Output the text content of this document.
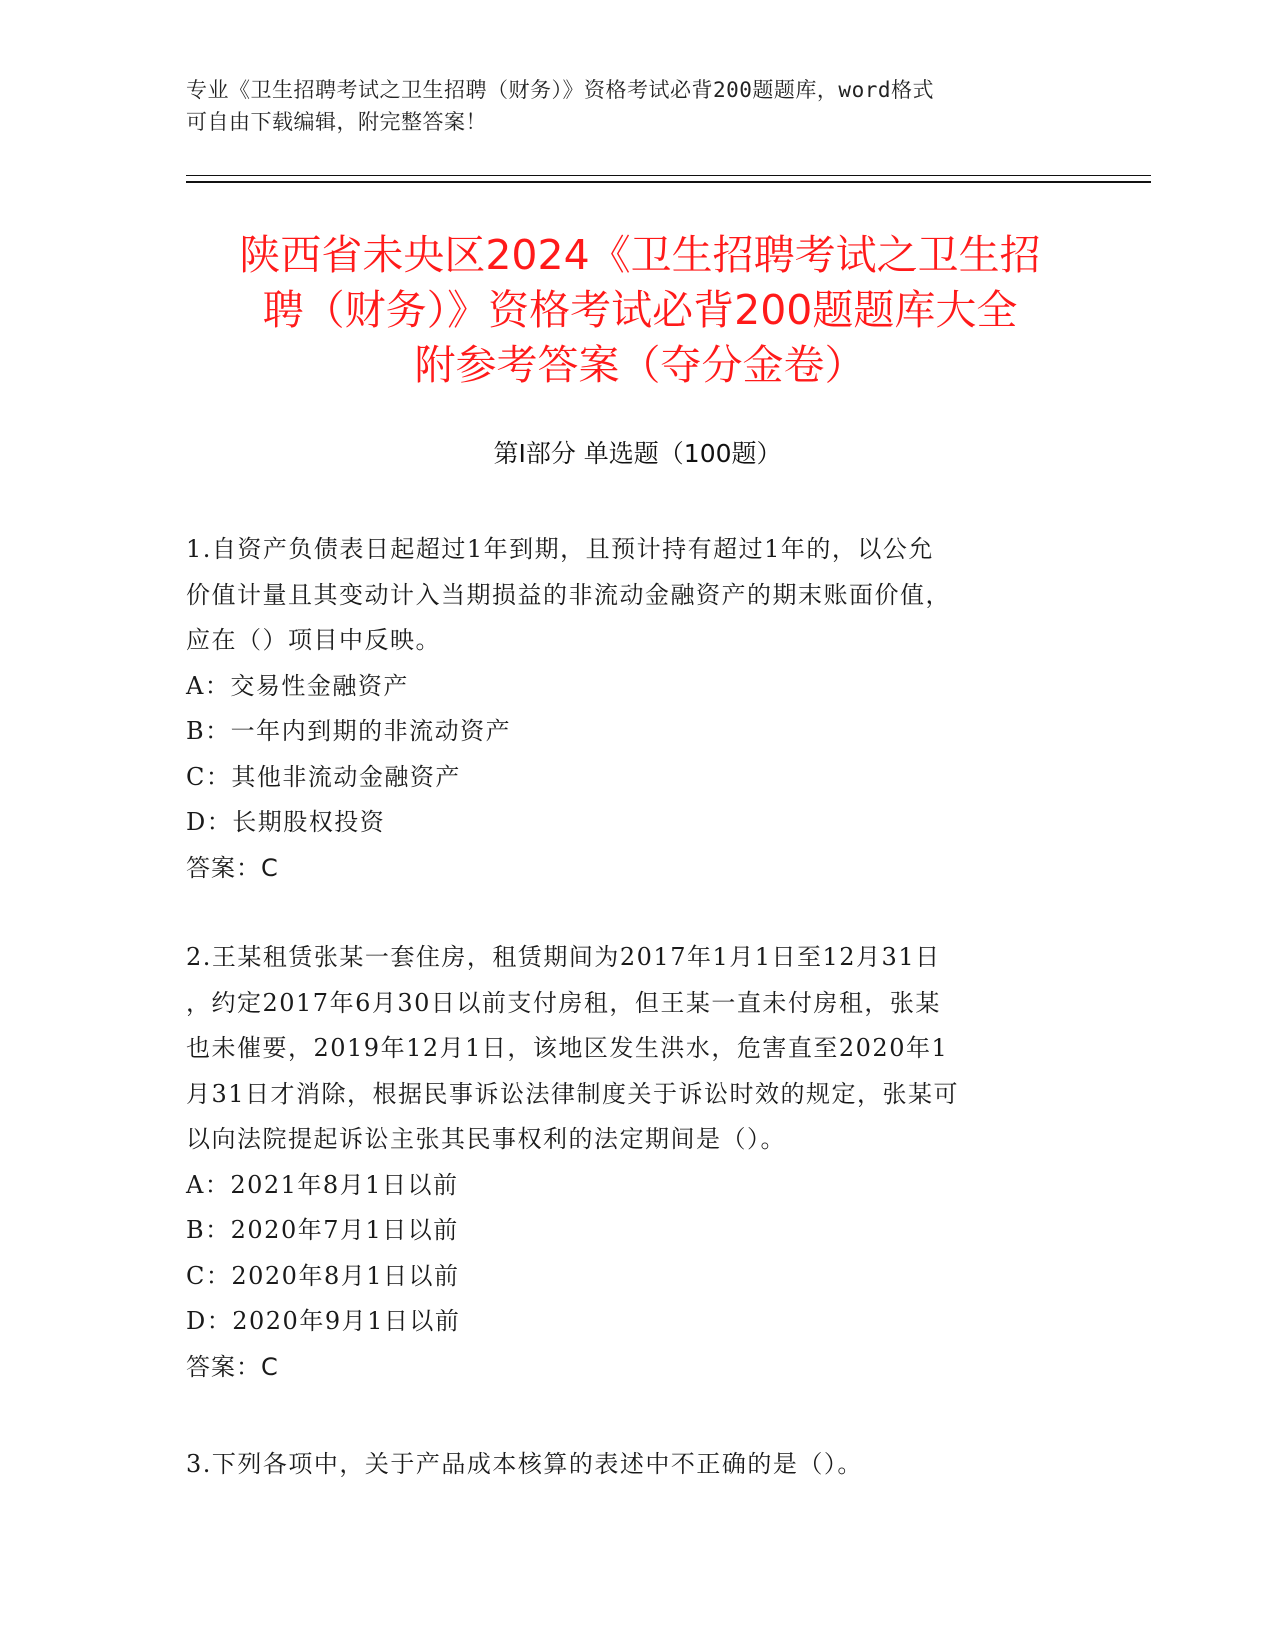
专业《卫生招聘考试之卫生招聘（财务）》资格考试必背200题题库，word格式
可自由下载编辑，附完整答案！
陕西省未央区2024《卫生招聘考试之卫生招
聘（财务）》资格考试必背200题题库大全
附参考答案（夺分金卷）
第Ⅰ部分 单选题（100题）
1.自资产负债表日起超过1年到期，且预计持有超过1年的，以公允
价值计量且其变动计入当期损益的非流动金融资产的期末账面价值，
应在（）项目中反映。
A：交易性金融资产
B：一年内到期的非流动资产
C：其他非流动金融资产
D：长期股权投资
答案：C
2.王某租赁张某一套住房，租赁期间为2017年1月1日至12月31日
，约定2017年6月30日以前支付房租，但王某一直未付房租，张某
也未催要，2019年12月1日，该地区发生洪水，危害直至2020年1
月31日才消除，根据民事诉讼法律制度关于诉讼时效的规定，张某可
以向法院提起诉讼主张其民事权利的法定期间是（）。
A：2021年8月1日以前
B：2020年7月1日以前
C：2020年8月1日以前
D：2020年9月1日以前
答案：C
3.下列各项中，关于产品成本核算的表述中不正确的是（）。
